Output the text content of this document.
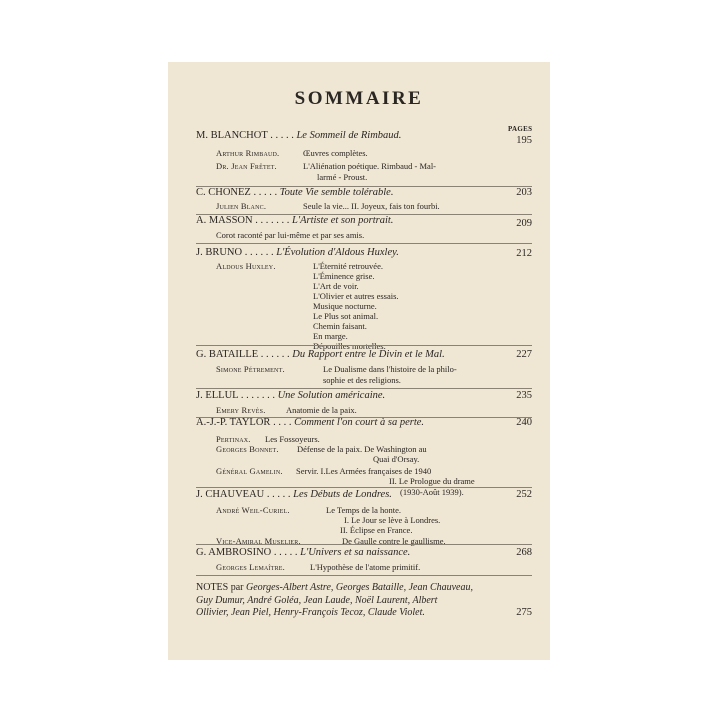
SOMMAIRE
PAGES
M. BLANCHOT . . . . . Le Sommeil de Rimbaud.	195
Arthur Rimbaud.	Œuvres complètes.
Dr. Jean Frêtet.	L'Aliénation poétique. Rimbaud - Mal-
larmé - Proust.
C. CHONEZ . . . . . Toute Vie semble tolérable.	203
Julien Blanc.	Seule la vie... II. Joyeux, fais ton fourbi.
A. MASSON . . . . . . . L'Artiste et son portrait.	209
Corot raconté par lui-même et par ses amis.
J. BRUNO . . . . . . L'Évolution d'Aldous Huxley.	212
Aldous Huxley.	L'Éternité retrouvée.
L'Éminence grise.
L'Art de voir.
L'Olivier et autres essais.
Musique nocturne.
Le Plus sot animal.
Chemin faisant.
En marge.
Dépouilles mortelles.
G. BATAILLE . . . . . . Du Rapport entre le Divin et le Mal.	227
Simone Pétrement.	Le Dualisme dans l'histoire de la philo-
sophie et des religions.
J. ELLUL . . . . . . . Une Solution américaine.	235
Emery Revès. Anatomie de la paix.
A.-J.-P. TAYLOR . . . . Comment l'on court à sa perte.	240
Pertinax. Les Fossoyeurs.
Georges Bonnet. Défense de la paix. De Washington au
Quai d'Orsay.
Général Gamelin. Servir. I.Les Armées françaises de 1940
II. Le Prologue du drame
(1930-Août 1939).
J. CHAUVEAU . . . . . Les Débuts de Londres.	252
André Weil-Curiel.	Le Temps de la honte.
I. Le Jour se lève à Londres.
II. Éclipse en France.
Vice-Amiral Muselier.	De Gaulle contre le gaullisme.
G. AMBROSINO . . . . . L'Univers et sa naissance.	268
Georges Lemaître.	L'Hypothèse de l'atome primitif.
NOTES par Georges-Albert Astre, Georges Bataille, Jean Chauveau,
Guy Dumur, André Goléa, Jean Laude, Noël Laurent, Albert
Ollivier, Jean Piel, Henry-François Tecoz, Claude Violet.	275
